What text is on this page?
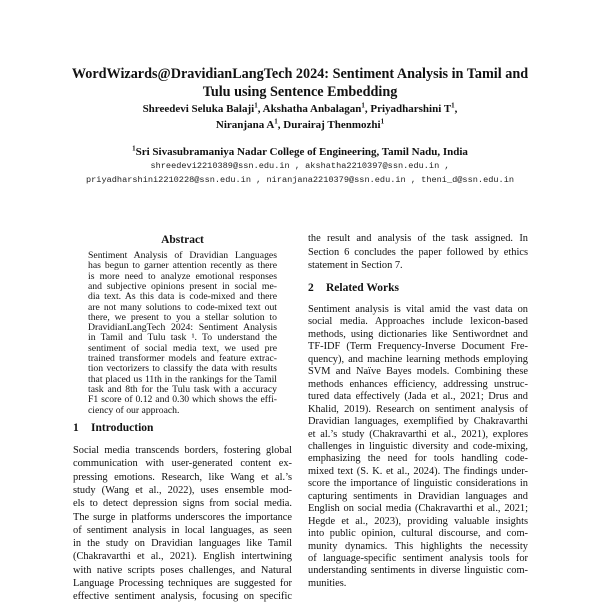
WordWizards@DravidianLangTech 2024: Sentiment Analysis in Tamil and
Tulu using Sentence Embedding
Shreedevi Seluka Balaji$^1$, Akshatha Anbalagan$^1$, Priyadharshini $T^1$,
Niranjana $A^1$, Durairaj Thenmozhi$^1$
$^1$Sri Sivasubramaniya Nadar College of Engineering, Tamil Nadu, India
shreedevi2210389@ssn.edu.in , akshatha2210397@ssn.edu.in ,
priyadharshini2210228@ssn.edu.in , niranjana2210379@ssn.edu.in , theni_d@ssn.edu.in
Abstract
Sentiment Analysis of Dravidian Languages
has begun to garner attention recently as there
is more need to analyze emotional responses
and subjective opinions present in social me-
dia text. As this data is code-mixed and there
are not many solutions to code-mixed text out
there, we present to you a stellar solution to
DravidianLangTech 2024: Sentiment Analysis
in Tamil and Tulu task ¹. To understand the
sentiment of social media text, we used pre
trained transformer models and feature extrac-
tion vectorizers to classify the data with results
that placed us 11th in the rankings for the Tamil
task and 8th for the Tulu task with a accuracy
F1 score of 0.12 and 0.30 which shows the effi-
ciency of our approach.
1 Introduction
Social media transcends borders, fostering global
communication with user-generated content ex-
pressing emotions. Research, like Wang et al.’s
study (Wang et al., 2022), uses ensemble mod-
els to detect depression signs from social media.
The surge in platforms underscores the importance
of sentiment analysis in local languages, as seen
in the study on Dravidian languages like Tamil
(Chakravarthi et al., 2021). English intertwining
with native scripts poses challenges, and Natural
Language Processing techniques are suggested for
effective sentiment analysis, focusing on specific
the result and analysis of the task assigned. In
Section 6 concludes the paper followed by ethics
statement in Section 7.
2 Related Works
Sentiment analysis is vital amid the vast data on
social media. Approaches include lexicon-based
methods, using dictionaries like Sentiwordnet and
TF-IDF (Term Frequency-Inverse Document Fre-
quency), and machine learning methods employing
SVM and Naïve Bayes models. Combining these
methods enhances efficiency, addressing unstruc-
tured data effectively (Jada et al., 2021; Drus and
Khalid, 2019). Research on sentiment analysis of
Dravidian languages, exemplified by Chakravarthi
et al.’s study (Chakravarthi et al., 2021), explores
challenges in linguistic diversity and code-mixing,
emphasizing the need for tools handling code-
mixed text (S. K. et al., 2024). The findings under-
score the importance of linguistic considerations in
capturing sentiments in Dravidian languages and
English on social media (Chakravarthi et al., 2021;
Hegde et al., 2023), providing valuable insights
into public opinion, cultural discourse, and com-
munity dynamics. This highlights the necessity
of language-specific sentiment analysis tools for
understanding sentiments in diverse linguistic com-
munities.
